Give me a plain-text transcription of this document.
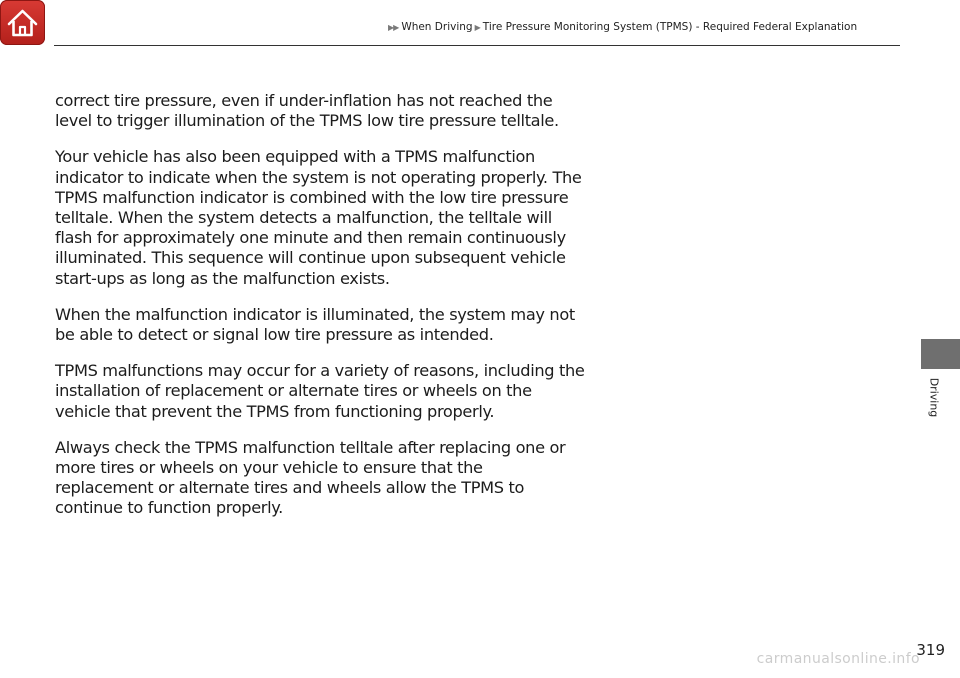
▶▶ When Driving ▶ Tire Pressure Monitoring System (TPMS) - Required Federal Explanation

correct tire pressure, even if under-inflation has not reached the level to trigger illumination of the TPMS low tire pressure telltale.

Your vehicle has also been equipped with a TPMS malfunction indicator to indicate when the system is not operating properly. The TPMS malfunction indicator is combined with the low tire pressure telltale. When the system detects a malfunction, the telltale will flash for approximately one minute and then remain continuously illuminated. This sequence will continue upon subsequent vehicle start-ups as long as the malfunction exists.

When the malfunction indicator is illuminated, the system may not be able to detect or signal low tire pressure as intended.

TPMS malfunctions may occur for a variety of reasons, including the installation of replacement or alternate tires or wheels on the vehicle that prevent the TPMS from functioning properly.

Always check the TPMS malfunction telltale after replacing one or more tires or wheels on your vehicle to ensure that the replacement or alternate tires and wheels allow the TPMS to continue to function properly.

Driving
carmanualsonline.info
319
